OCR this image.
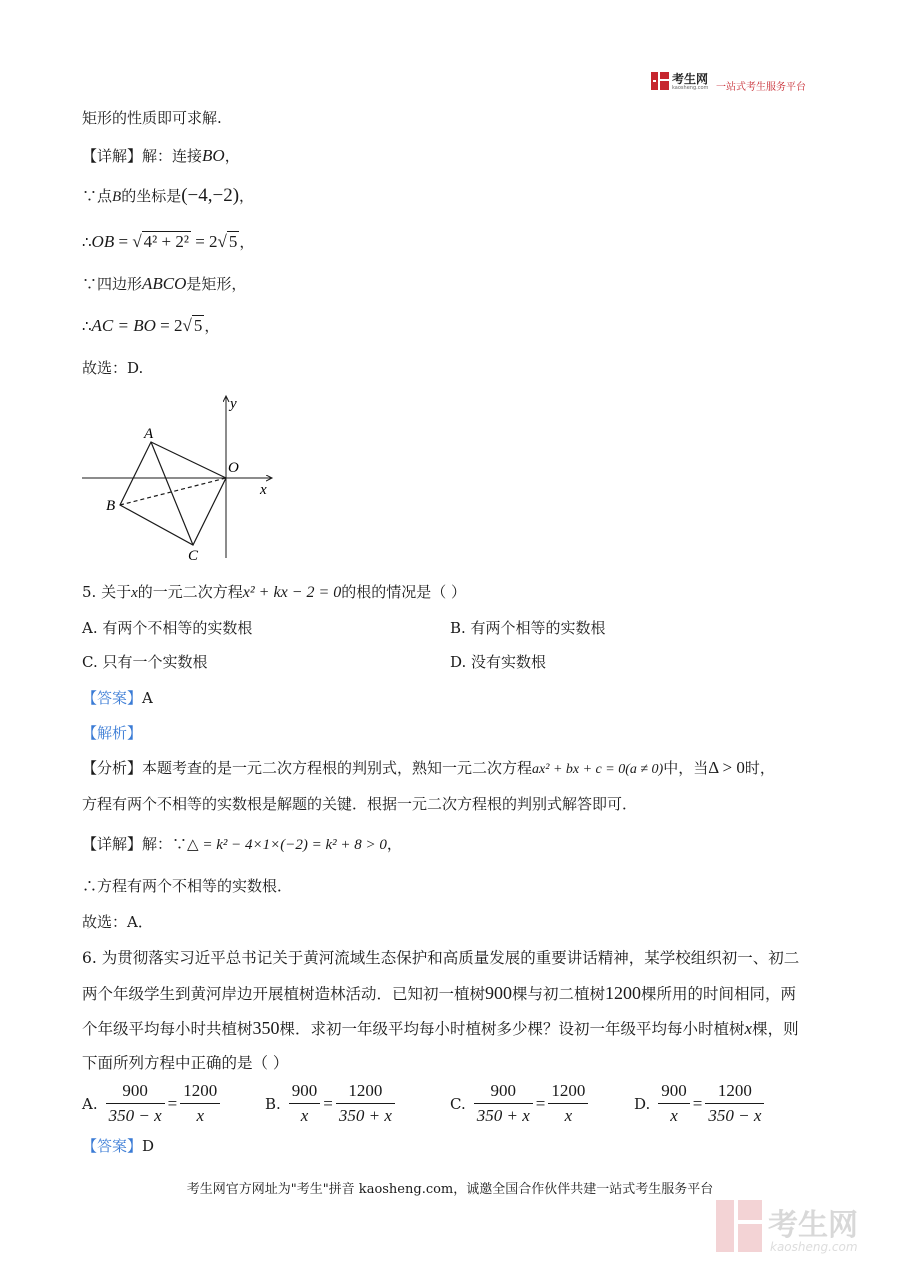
考生网
kaosheng.com 一站式考生服务平台
矩形的性质即可求解.
【详解】解：连接BO，
∵点B的坐标是(−4,−2)，
∴OB = √ 4² + 2² = 2√ 5 ，
∵四边形ABCO是矩形，
∴AC = BO = 2√ 5 ，
故选：D.
A
B
C
O
x
y
5. 关于x的一元二次方程x² + kx − 2 = 0的根的情况是（ ）
A. 有两个不相等的实数根	B. 有两个相等的实数根
C. 只有一个实数根	D. 没有实数根
【答案】A
【解析】
【分析】本题考查的是一元二次方程根的判别式，熟知一元二次方程ax² + bx + c = 0(a ≠ 0)中，当Δ > 0时，
方程有两个不相等的实数根是解题的关键．根据一元二次方程根的判别式解答即可．
【详解】解：∵△ = k² − 4×1×(−2) = k² + 8 > 0，
∴方程有两个不相等的实数根．
故选：A．
6. 为贯彻落实习近平总书记关于黄河流域生态保护和高质量发展的重要讲话精神，某学校组织初一、初二
两个年级学生到黄河岸边开展植树造林活动．已知初一植树900棵与初二植树1200棵所用的时间相同，两
个年级平均每小时共植树350棵．求初一年级平均每小时植树多少棵？设初一年级平均每小时植树x棵，则
下面所列方程中正确的是（ ）
A. $\frac{900}{350 - x} = \frac{1200}{x}$	B. $\frac{900}{x} = \frac{1200}{350 + x}$	C. $\frac{900}{350 + x} = \frac{1200}{x}$	D. $\frac{900}{x} = \frac{1200}{350 - x}$
【答案】D
考生网官方网址为"考生"拼音 kaosheng.com，诚邀全国合作伙伴共建一站式考生服务平台
考生网
kaosheng.com
